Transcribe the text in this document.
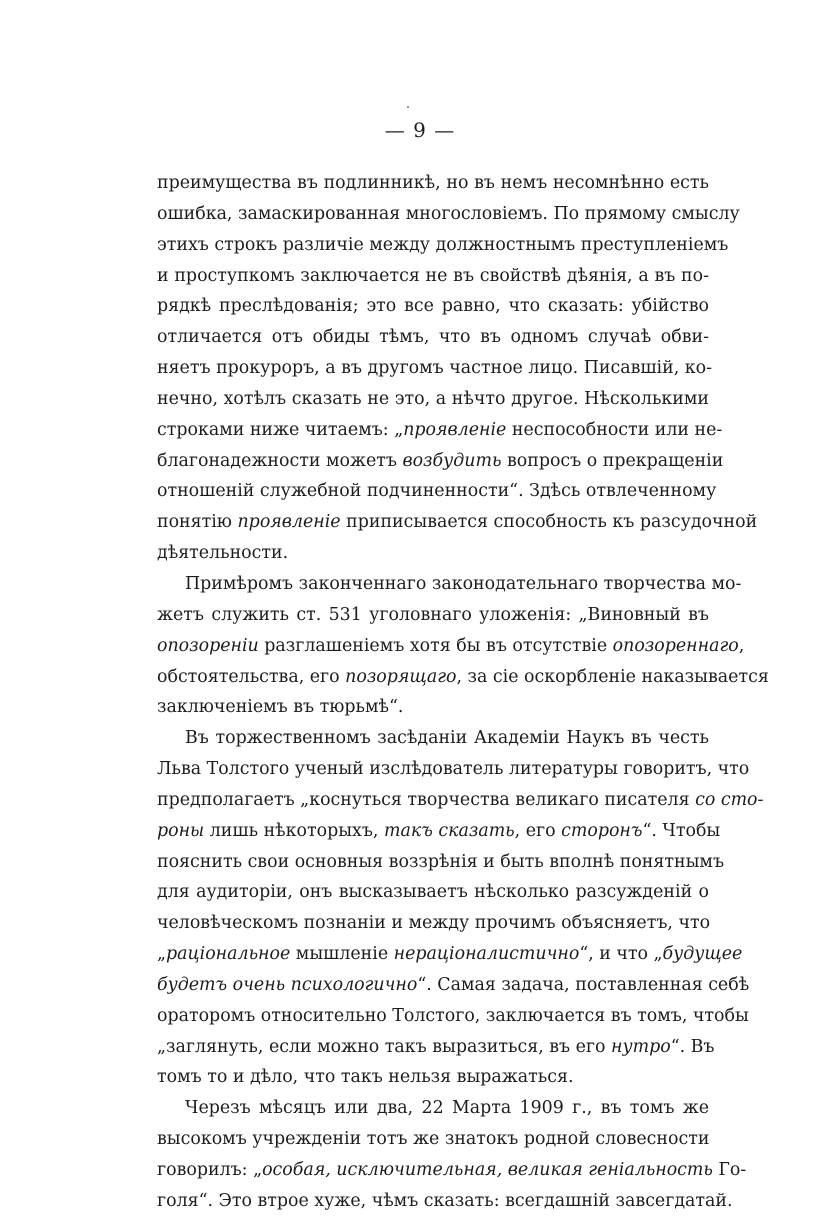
— 9 —
преимущества въ подлинникѣ, но въ немъ несомнѣнно есть
ошибка, замаскированная многословіемъ. По прямому смыслу
этихъ строкъ различіе между должностнымъ преступленіемъ
и проступкомъ заключается не въ свойствѣ дѣянія, а въ по-
рядкѣ преслѣдованія; это все равно, что сказать: убійство
отличается отъ обиды тѣмъ, что въ одномъ случаѣ обви-
няетъ прокуроръ, а въ другомъ частное лицо. Писавшій, ко-
нечно, хотѣлъ сказать не это, а нѣчто другое. Нѣсколькими
строками ниже читаемъ: „проявленіе неспособности или не-
благонадежности можетъ возбудить вопросъ о прекращеніи
отношеній служебной подчиненности“. Здѣсь отвлеченному
понятію проявленіе приписывается способность къ разсудочной
дѣятельности.
Примѣромъ законченнаго законодательнаго творчества мо-
жетъ служить ст. 531 уголовнаго уложенія: „Виновный въ
опозореніи разглашеніемъ хотя бы въ отсутствіе опозореннаго,
обстоятельства, его позорящаго, за сіе оскорбленіе наказывается
заключеніемъ въ тюрьмѣ“.
Въ торжественномъ засѣданіи Академіи Наукъ въ честь
Льва Толстого ученый изслѣдователь литературы говоритъ, что
предполагаетъ „коснуться творчества великаго писателя со сто-
роны лишь нѣкоторыхъ, такъ сказать, его сторонъ“. Чтобы
пояснить свои основныя воззрѣнія и быть вполнѣ понятнымъ
для аудиторіи, онъ высказываетъ нѣсколько разсужденій о
человѣческомъ познаніи и между прочимъ объясняетъ, что
„раціональное мышленіе нераціоналистично“, и что „будущее
будетъ очень психологично“. Самая задача, поставленная себѣ
ораторомъ относительно Толстого, заключается въ томъ, чтобы
„заглянуть, если можно такъ выразиться, въ его нутро“. Въ
томъ то и дѣло, что такъ нельзя выражаться.
Черезъ мѣсяцъ или два, 22 Марта 1909 г., въ томъ же
высокомъ учрежденіи тотъ же знатокъ родной словесности
говорилъ: „особая, исключительная, великая геніальность Го-
голя“. Это втрое хуже, чѣмъ сказать: всегдашній завсегдатай.
